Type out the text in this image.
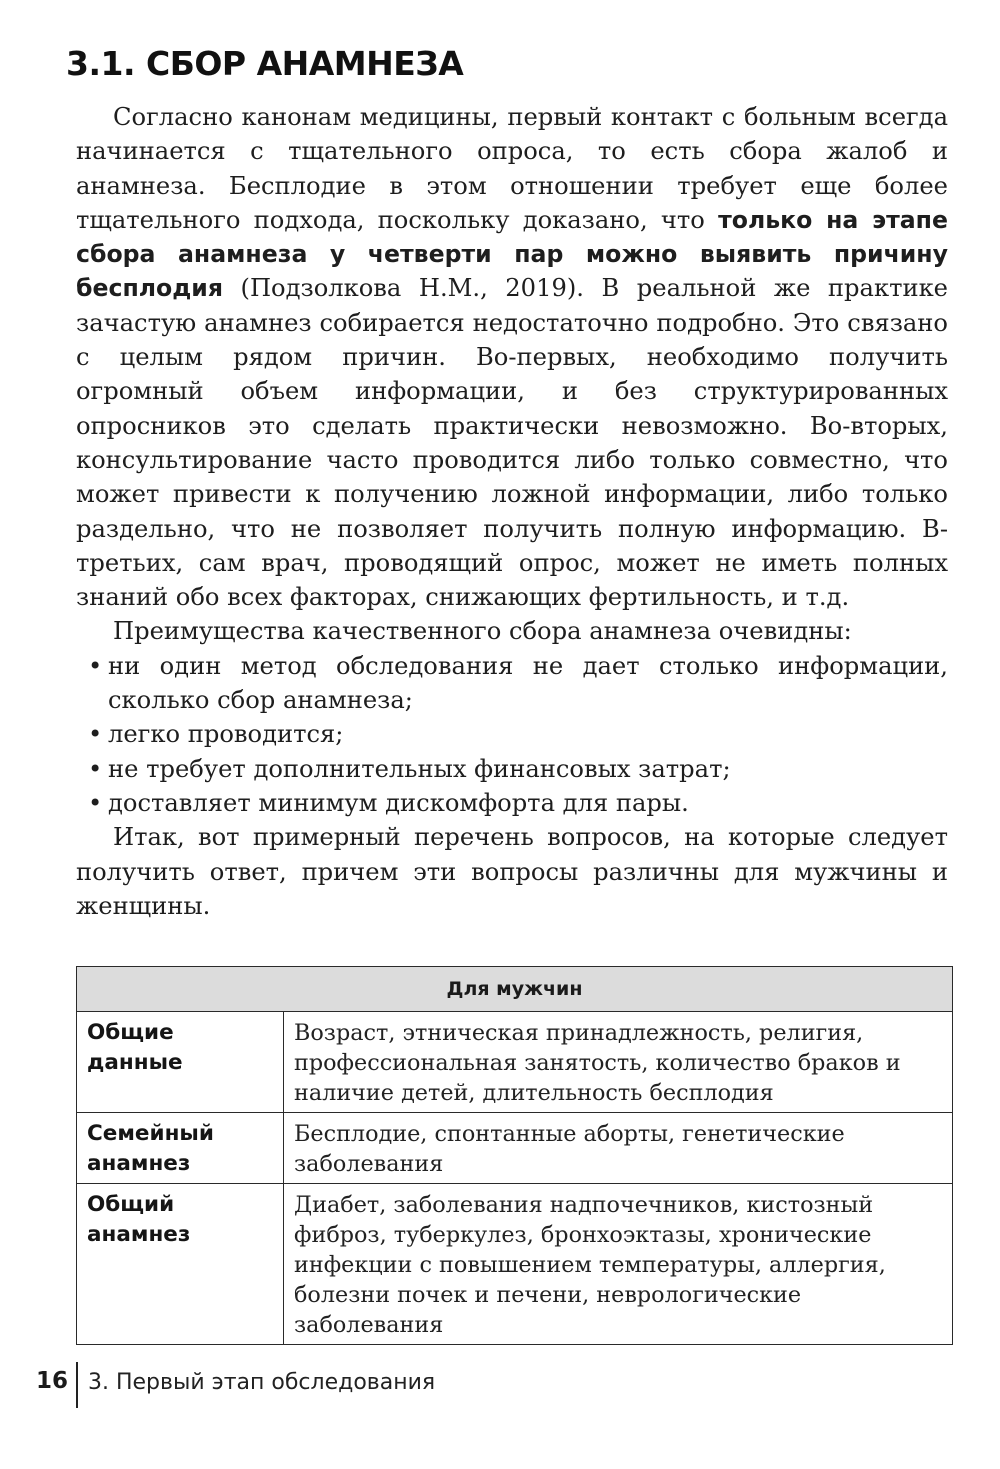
3.1. СБОР АНАМНЕЗА

Согласно канонам медицины, первый контакт с больным всегда начинается с тщательного опроса, то есть сбора жалоб и анамнеза. Бесплодие в этом отношении требует еще более тщательного подхода, поскольку доказано, что только на этапе сбора анамнеза у четверти пар можно выявить причину бесплодия (Подзолкова Н.М., 2019). В реальной же практике зачастую анамнез собирается недостаточно подробно. Это связано с целым рядом причин. Во-первых, необходимо получить огромный объем информации, и без структурированных опросников это сделать практически невозможно. Во-вторых, консультирование часто проводится либо только совместно, что может привести к получению ложной информации, либо только раздельно, что не позволяет получить полную информацию. В-третьих, сам врач, проводящий опрос, может не иметь полных знаний обо всех факторах, снижающих фертильность, и т.д.

Преимущества качественного сбора анамнеза очевидны:

• ни один метод обследования не дает столько информации, сколько сбор анамнеза;
• легко проводится;
• не требует дополнительных финансовых затрат;
• доставляет минимум дискомфорта для пары.

Итак, вот примерный перечень вопросов, на которые следует получить ответ, причем эти вопросы различны для мужчины и женщины.

Для мужчин	
Общие данные	Возраст, этническая принадлежность, религия, профессиональная занятость, количество браков и наличие детей, длительность бесплодия
Семейный анамнез	Бесплодие, спонтанные аборты, генетические заболевания
Общий анамнез	Диабет, заболевания надпочечников, кистозный фиброз, туберкулез, бронхоэктазы, хронические инфекции с повышением температуры, аллергия, болезни почек и печени, неврологические заболевания
16 3. Первый этап обследования
